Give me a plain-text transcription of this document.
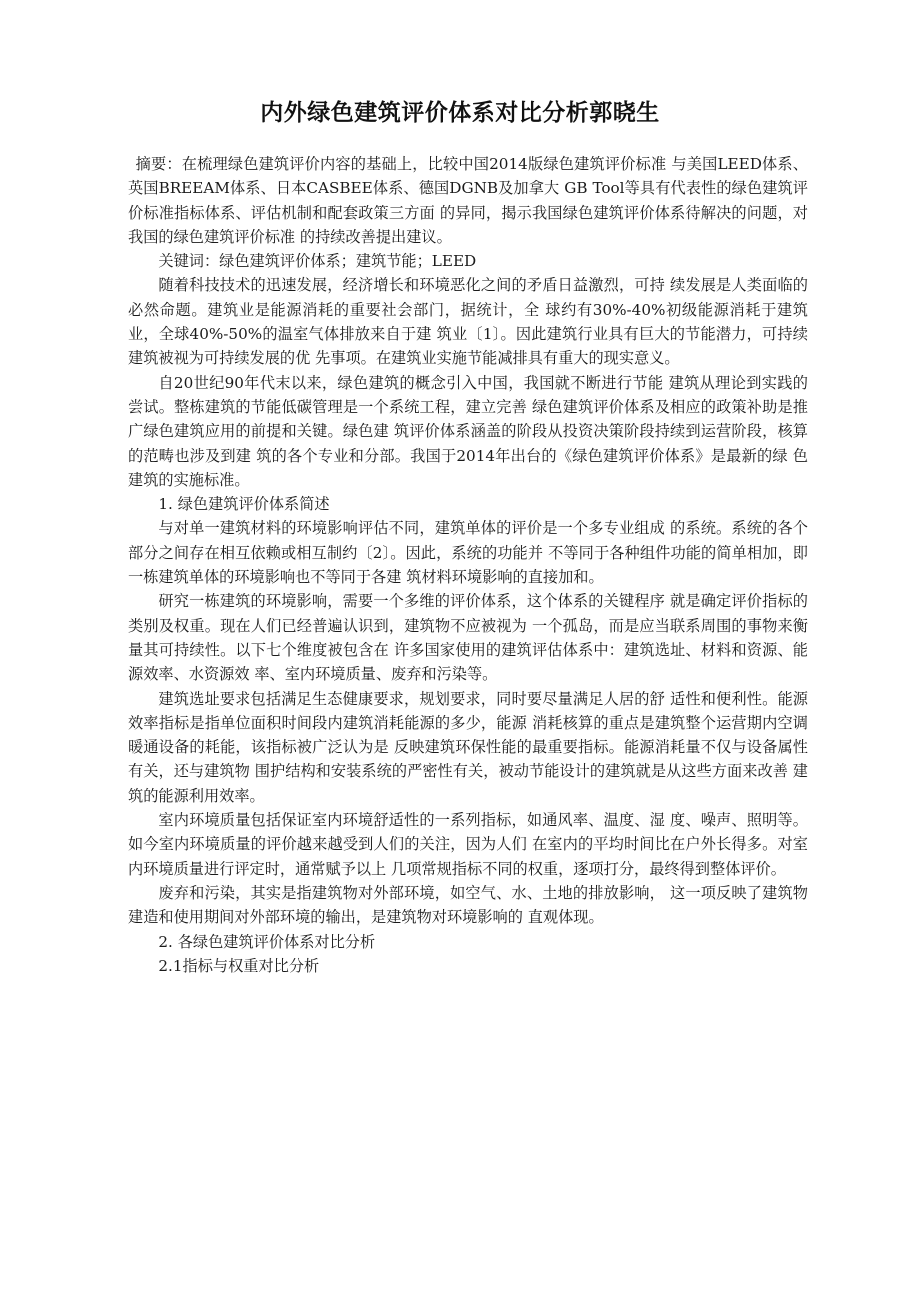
内外绿色建筑评价体系对比分析郭晓生

摘要：在梳理绿色建筑评价内容的基础上，比较中国2014版绿色建筑评价标准 与美国LEED体系、英国BREEAM体系、日本CASBEE体系、德国DGNB及加拿大 GB Tool等具有代表性的绿色建筑评价标准指标体系、评估机制和配套政策三方面 的异同，揭示我国绿色建筑评价体系待解决的问题，对我国的绿色建筑评价标准 的持续改善提出建议。

关键词：绿色建筑评价体系；建筑节能；LEED

随着科技技术的迅速发展，经济增长和环境恶化之间的矛盾日益激烈，可持 续发展是人类面临的必然命题。建筑业是能源消耗的重要社会部门，据统计，全 球约有30%-40%初级能源消耗于建筑业，全球40%-50%的温室气体排放来自于建 筑业〔1〕。因此建筑行业具有巨大的节能潜力，可持续建筑被视为可持续发展的优 先事项。在建筑业实施节能减排具有重大的现实意义。

自20世纪90年代末以来，绿色建筑的概念引入中国，我国就不断进行节能 建筑从理论到实践的尝试。整栋建筑的节能低碳管理是一个系统工程，建立完善 绿色建筑评价体系及相应的政策补助是推广绿色建筑应用的前提和关键。绿色建 筑评价体系涵盖的阶段从投资决策阶段持续到运营阶段，核算的范畴也涉及到建 筑的各个专业和分部。我国于2014年出台的《绿色建筑评价体系》是最新的绿 色建筑的实施标准。

1. 绿色建筑评价体系简述

与对单一建筑材料的环境影响评估不同，建筑单体的评价是一个多专业组成 的系统。系统的各个部分之间存在相互依赖或相互制约〔2〕。因此，系统的功能并 不等同于各种组件功能的简单相加，即一栋建筑单体的环境影响也不等同于各建 筑材料环境影响的直接加和。

研究一栋建筑的环境影响，需要一个多维的评价体系，这个体系的关键程序 就是确定评价指标的类别及权重。现在人们已经普遍认识到，建筑物不应被视为 一个孤岛，而是应当联系周围的事物来衡量其可持续性。以下七个维度被包含在 许多国家使用的建筑评估体系中：建筑选址、材料和资源、能源效率、水资源效 率、室内环境质量、废弃和污染等。

建筑选址要求包括满足生态健康要求，规划要求，同时要尽量满足人居的舒 适性和便利性。能源效率指标是指单位面积时间段内建筑消耗能源的多少，能源 消耗核算的重点是建筑整个运营期内空调暖通设备的耗能，该指标被广泛认为是 反映建筑环保性能的最重要指标。能源消耗量不仅与设备属性有关，还与建筑物 围护结构和安装系统的严密性有关，被动节能设计的建筑就是从这些方面来改善 建筑的能源利用效率。

室内环境质量包括保证室内环境舒适性的一系列指标，如通风率、温度、湿 度、噪声、照明等。如今室内环境质量的评价越来越受到人们的关注，因为人们 在室内的平均时间比在户外长得多。对室内环境质量进行评定时，通常赋予以上 几项常规指标不同的权重，逐项打分，最终得到整体评价。

废弃和污染，其实是指建筑物对外部环境，如空气、水、土地的排放影响， 这一项反映了建筑物建造和使用期间对外部环境的输出，是建筑物对环境影响的 直观体现。

2. 各绿色建筑评价体系对比分析

2.1指标与权重对比分析
